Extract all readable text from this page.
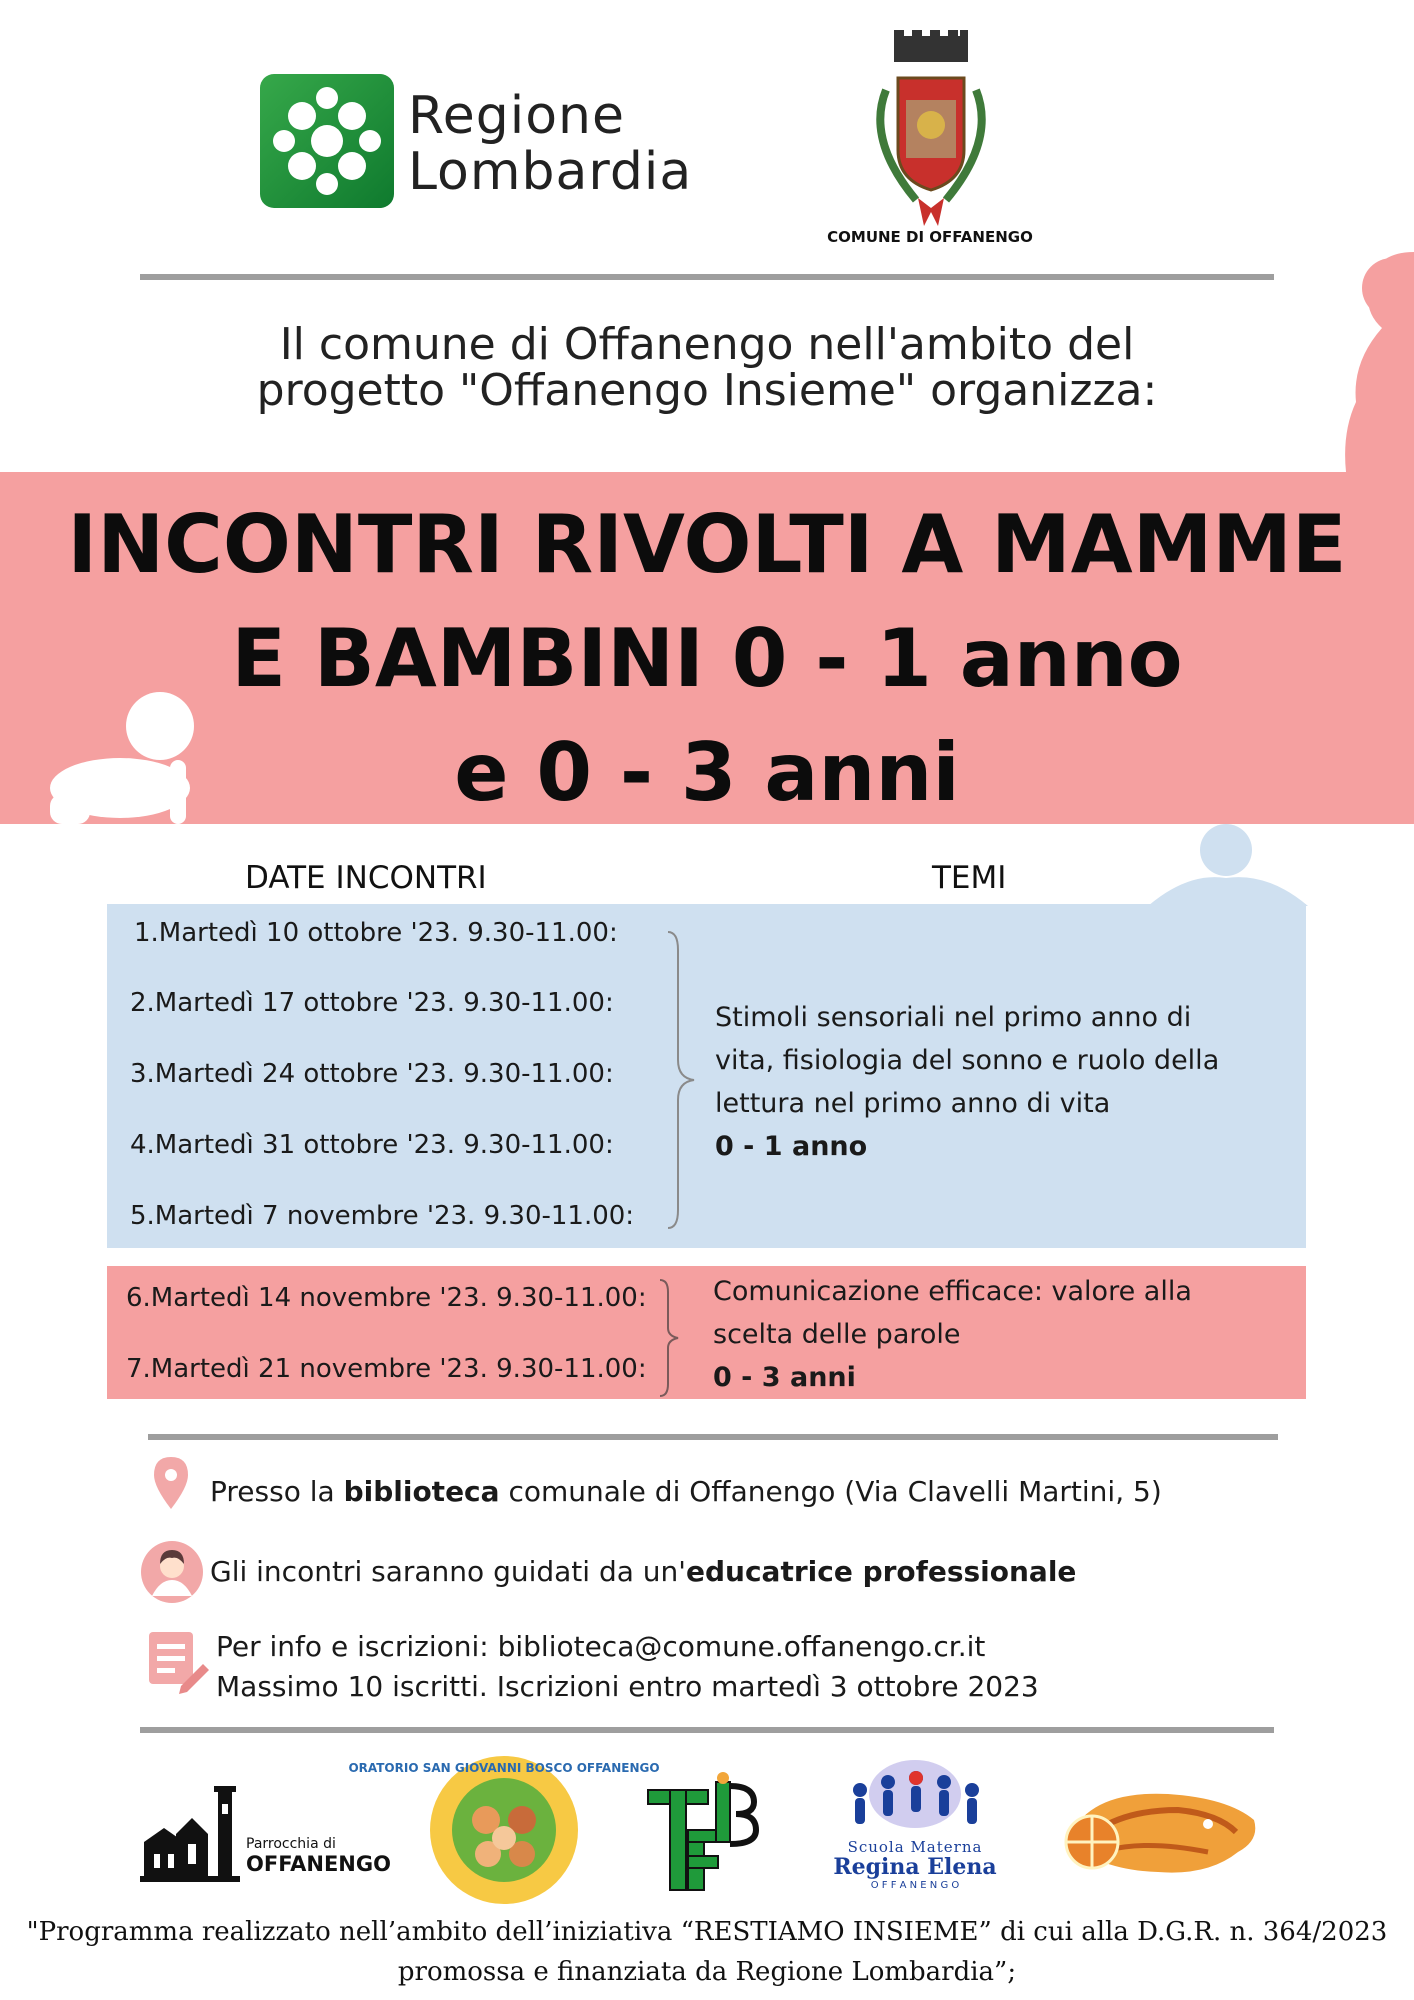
Regione
Lombardia
COMUNE DI OFFANENGO
Il comune di Offanengo nell'ambito del
progetto "Offanengo Insieme" organizza:
INCONTRI RIVOLTI A MAMME
E BAMBINI 0 - 1 anno
e 0 - 3 anni
DATE INCONTRI	TEMI
1.Martedì 10 ottobre '23. 9.30-11.00:
2.Martedì 17 ottobre '23. 9.30-11.00:
3.Martedì 24 ottobre '23. 9.30-11.00:
4.Martedì 31 ottobre '23. 9.30-11.00:
5.Martedì 7 novembre '23. 9.30-11.00:
Stimoli sensoriali nel primo anno di
vita, fisiologia del sonno e ruolo della
lettura nel primo anno di vita
0 - 1 anno
6.Martedì 14 novembre '23. 9.30-11.00:
7.Martedì 21 novembre '23. 9.30-11.00:
Comunicazione efficace: valore alla
scelta delle parole
0 - 3 anni
Presso la biblioteca comunale di Offanengo (Via Clavelli Martini, 5)
Gli incontri saranno guidati da un'educatrice professionale
Per info e iscrizioni: biblioteca@comune.offanengo.cr.it
Massimo 10 iscritti. Iscrizioni entro martedì 3 ottobre 2023
Parrocchia di
OFFANENGO
ORATORIO SAN GIOVANNI BOSCO OFFANENGO
Scuola Materna
Regina Elena
O F F A N E N G O
"Programma realizzato nell’ambito dell’iniziativa “RESTIAMO INSIEME” di cui alla D.G.R. n. 364/2023
promossa e finanziata da Regione Lombardia”;
